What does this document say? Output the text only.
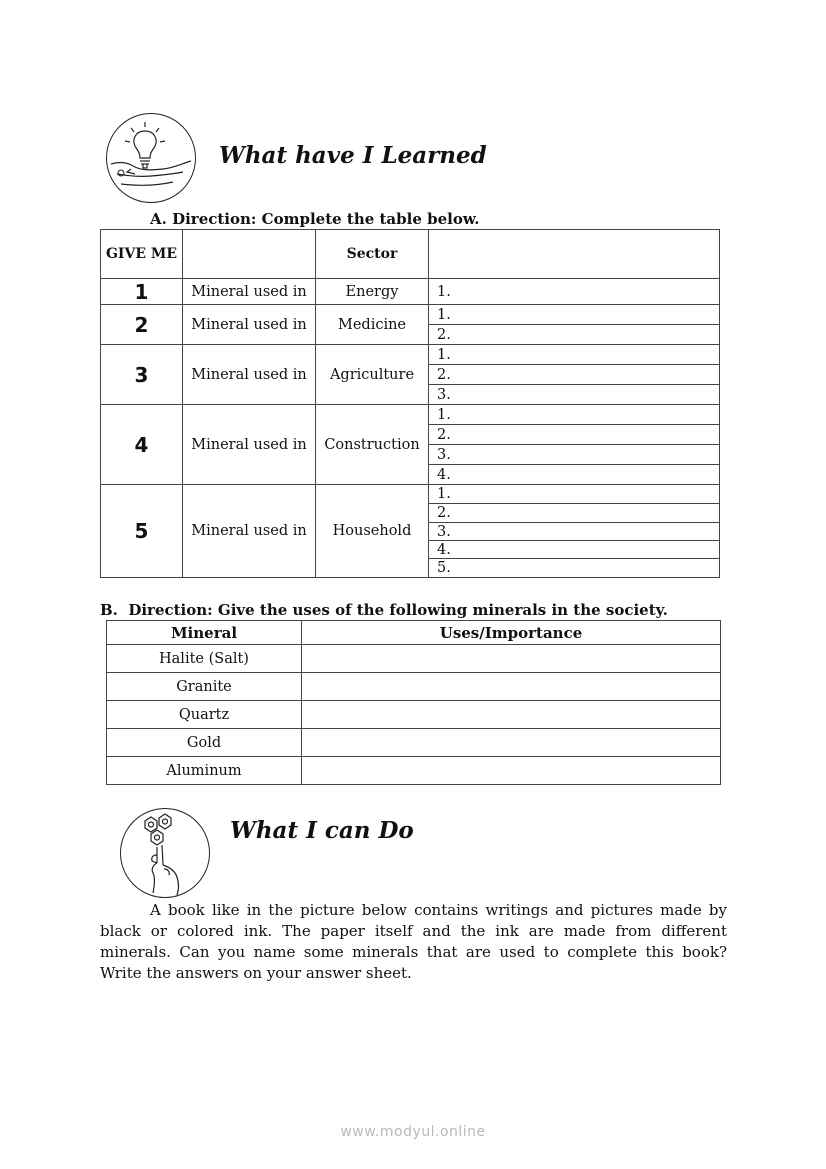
What have I Learned
A. Direction: Complete the table below.
GIVE ME		Sector	
1	Mineral used in	Energy	1.
2	Mineral used in	Medicine	1.
			2.
3	Mineral used in	Agriculture	1.
			2.
			3.
4	Mineral used in	Construction	1.
			2.
			3.
			4.
5	Mineral used in	Household	1.
			2.
			3.
			4.
			5.
B.  Direction: Give the uses of the following minerals in the society.
Mineral	Uses/Importance
Halite (Salt)	
Granite	
Quartz	
Gold	
Aluminum	
What I can Do
A book like in the picture below contains writings and pictures made by black or colored ink. The paper itself and the ink are made from different minerals. Can you name some minerals that are used to complete this book? Write the answers on your answer sheet.
www.modyul.online
